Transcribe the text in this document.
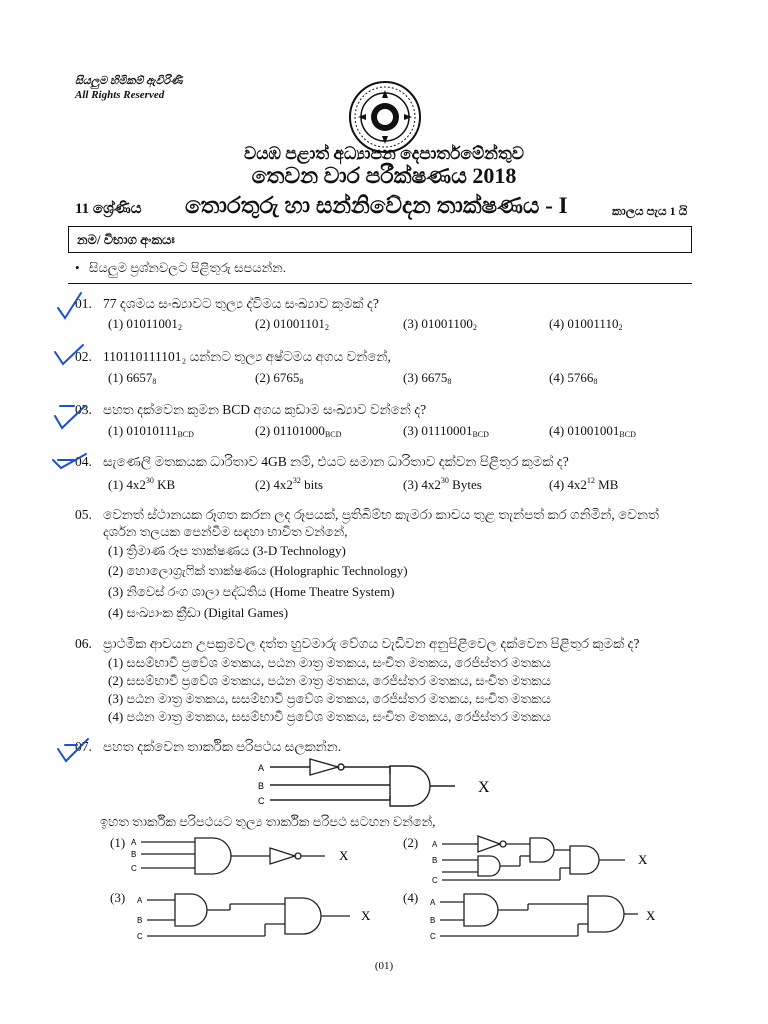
සියලුම හිමිකම් ඇවිරිණි
All Rights Reserved
වයඹ පළාත් අධ්‍යාපන දෙපාර්තමේන්තුව
තෙවන වාර පරීක්ෂණය 2018
11 ශ්‍රේණිය තොරතුරු හා සන්නිවේදන තාක්ෂණය - I	කාලය පැය 1 යි
නම/ විභාග අංකයඃ
• සියලුම ප්‍රශ්නවලට පිළිතුරු සපයන්න.
01. 77 දශමය සංඛ්‍යාවට තුල්‍ය ද්විමය සංඛ්‍යාව කුමක් ද?
(1) $01011001_2$	(2) $01001101_2$	(3) $01001100_2$	(4) $01001110_2$
02. 110110111101₂ යන්නට තුල්‍ය අෂ්ටමය අගය වන්නේ,
(1) $6657_8$	(2) $6765_8$	(3) $6675_8$	(4) $5766_8$
03. පහත දක්වෙන කුමන BCD අගය කුඩාම සංඛ්‍යාව වන්නේ ද?
(1) $01010111_{BCD}$	(2) $01101000_{BCD}$	(3) $01110001_{BCD}$	(4) $01001001_{BCD}$
04. සැණෙලි මතකයක ධාරිතාව 4GB නම්, එයට සමාන ධාරිතාව දක්වන පිළිතුර කුමක් ද?
(1) $4x2^{30}$ KB	(2) $4x2^{32}$ bits	(3) $4x2^{30}$ Bytes	(4) $4x2^{12}$ MB
05. වෙනත් ස්ථානයක රූගත කරන ලද රූපයක්, ප්‍රතිබිම්භ කැමරා කාචය තුළ තැන්පත් කර ගනිමින්, වෙනත්
දර්ශන තලයක පෙන්වීම සඳහා භාවිත වන්නේ,
(1) ත්‍රිමාණ රූප තාක්ෂණය (3-D Technology)
(2) හොලොග්‍රැෆික් තාක්ෂණය (Holographic Technology)
(3) නිවෙස් රංග ශාලා පද්ධතිය (Home Theatre System)
(4) සංඛ්‍යාංක ක්‍රීඩා (Digital Games)
06. ප්‍රාථමික ආචයන උපක්‍රමවල දත්ත හුවමාරු වේගය වැඩිවන අනුපිළිවෙල දක්වෙන පිළිතුර කුමක් ද?
(1) සසම්භාවී ප්‍රවේශ මතකය, පඨන මාත්‍ර මතකය, සංචිත මතකය, රෙජිස්තර මතකය
(2) සසම්භාවී ප්‍රවේශ මතකය, පඨන මාත්‍ර මතකය, රෙජිස්තර මතකය, සංචිත මතකය
(3) පඨන මාත්‍ර මතකය, සසම්භාවී ප්‍රවේශ මතකය, රෙජිස්තර මතකය, සංචිත මතකය
(4) පඨන මාත්‍ර මතකය, සසම්භාවී ප්‍රවේශ මතකය, සංචිත මතකය, රෙජිස්තර මතකය
07. පහත දක්වෙන තාර්කික පරිපථය සලකන්න.
A
B
C
X
ඉහත තාර්කික පරිපථයට තුල්‍ය තාර්කික පරිපථ සටහන වන්නේ,
(1) A
B
C
X
(2) A
B
C
X
(3) A
B
C
X
(4) A
B
C
X
(01)
